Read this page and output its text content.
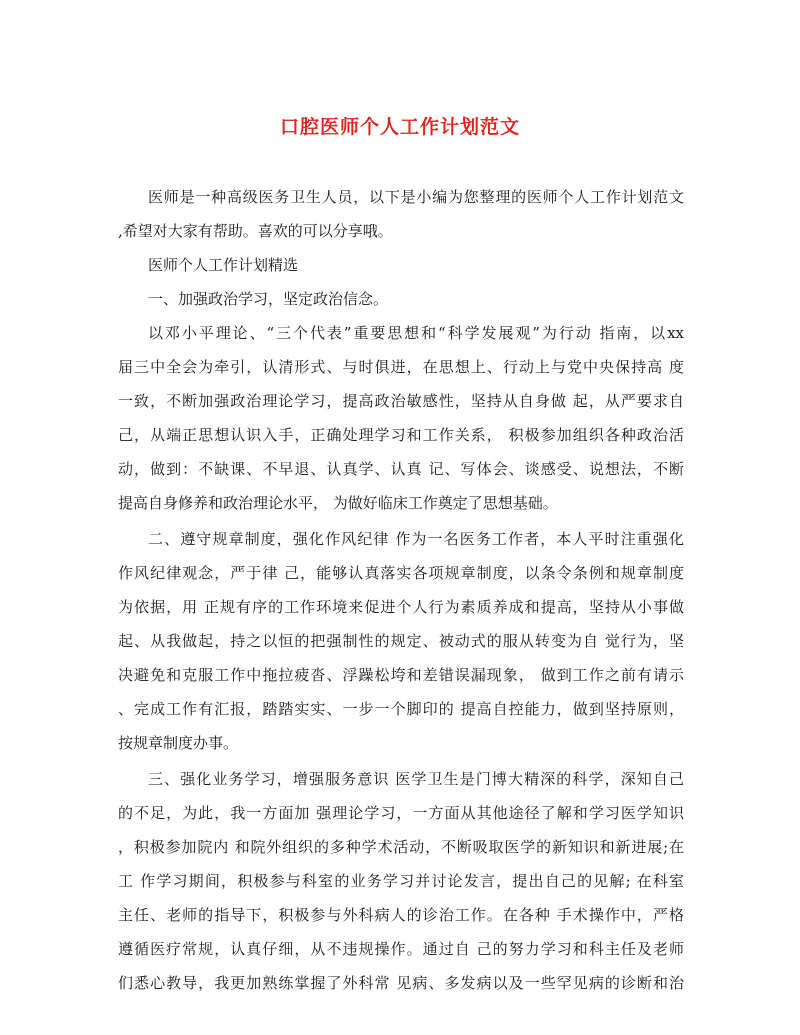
口腔医师个人工作计划范文
医师是一种高级医务卫生人员，以下是小编为您整理的医师个人工作计划范文
,希望对大家有帮助。喜欢的可以分享哦。
医师个人工作计划精选
一、加强政治学习，坚定政治信念。
以邓小平理论、“三个代表”重要思想和“科学发展观”为行动 指南，以xx
届三中全会为牵引，认清形式、与时俱进，在思想上、行动上与党中央保持高 度
一致，不断加强政治理论学习，提高政治敏感性，坚持从自身做 起，从严要求自
己，从端正思想认识入手，正确处理学习和工作关系， 积极参加组织各种政治活
动，做到：不缺课、不早退、认真学、认真 记、写体会、谈感受、说想法，不断
提高自身修养和政治理论水平， 为做好临床工作奠定了思想基础。
二、遵守规章制度，强化作风纪律 作为一名医务工作者，本人平时注重强化
作风纪律观念，严于律 己，能够认真落实各项规章制度，以条令条例和规章制度
为依据，用 正规有序的工作环境来促进个人行为素质养成和提高，坚持从小事做
起、从我做起，持之以恒的把强制性的规定、被动式的服从转变为自 觉行为，坚
决避免和克服工作中拖拉疲沓、浮躁松垮和差错误漏现象， 做到工作之前有请示
、完成工作有汇报，踏踏实实、一步一个脚印的 提高自控能力，做到坚持原则，
按规章制度办事。
三、强化业务学习，增强服务意识 医学卫生是门博大精深的科学，深知自己
的不足，为此，我一方面加 强理论学习，一方面从其他途径了解和学习医学知识
，积极参加院内 和院外组织的多种学术活动，不断吸取医学的新知识和新进展;在
工 作学习期间，积极参与科室的业务学习并讨论发言，提出自己的见解; 在科室
主任、老师的指导下，积极参与外科病人的诊治工作。在各种 手术操作中，严格
遵循医疗常规，认真仔细，从不违规操作。通过自 己的努力学习和科主任及老师
们悉心教导，我更加熟练掌握了外科常 见病、多发病以及一些罕见病的诊断和治
